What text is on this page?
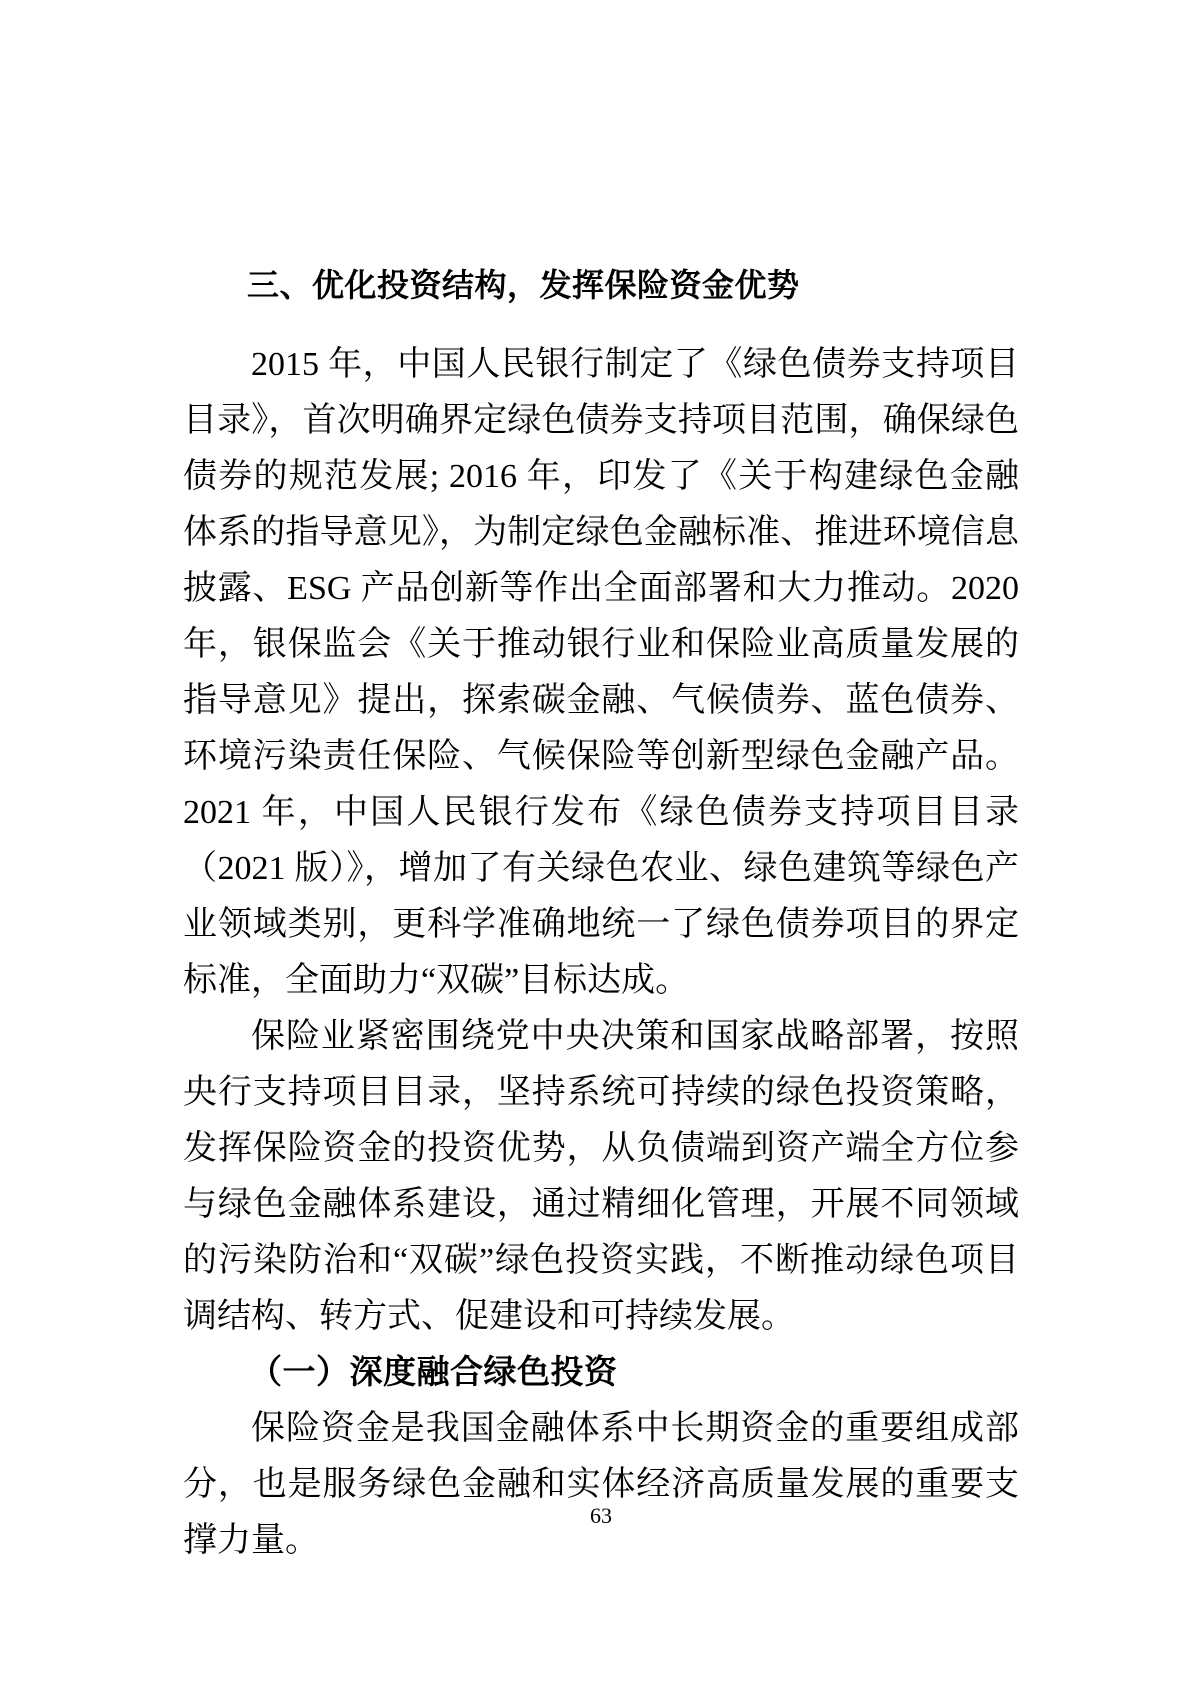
三、优化投资结构，发挥保险资金优势

2015 年，中国人民银行制定了《绿色债券支持项目目录》，首次明确界定绿色债券支持项目范围，确保绿色债券的规范发展; 2016 年，印发了《关于构建绿色金融体系的指导意见》，为制定绿色金融标准、推进环境信息披露、ESG 产品创新等作出全面部署和大力推动。2020 年，银保监会《关于推动银行业和保险业高质量发展的指导意见》提出，探索碳金融、气候债券、蓝色债券、环境污染责任保险、气候保险等创新型绿色金融产品。2021 年，中国人民银行发布《绿色债券支持项目目录（2021 版）》，增加了有关绿色农业、绿色建筑等绿色产业领域类别，更科学准确地统一了绿色债券项目的界定标准，全面助力“双碳”目标达成。

保险业紧密围绕党中央决策和国家战略部署，按照央行支持项目目录，坚持系统可持续的绿色投资策略，发挥保险资金的投资优势，从负债端到资产端全方位参与绿色金融体系建设，通过精细化管理，开展不同领域的污染防治和“双碳”绿色投资实践，不断推动绿色项目调结构、转方式、促建设和可持续发展。

（一）深度融合绿色投资

保险资金是我国金融体系中长期资金的重要组成部分，也是服务绿色金融和实体经济高质量发展的重要支撑力量。

63
